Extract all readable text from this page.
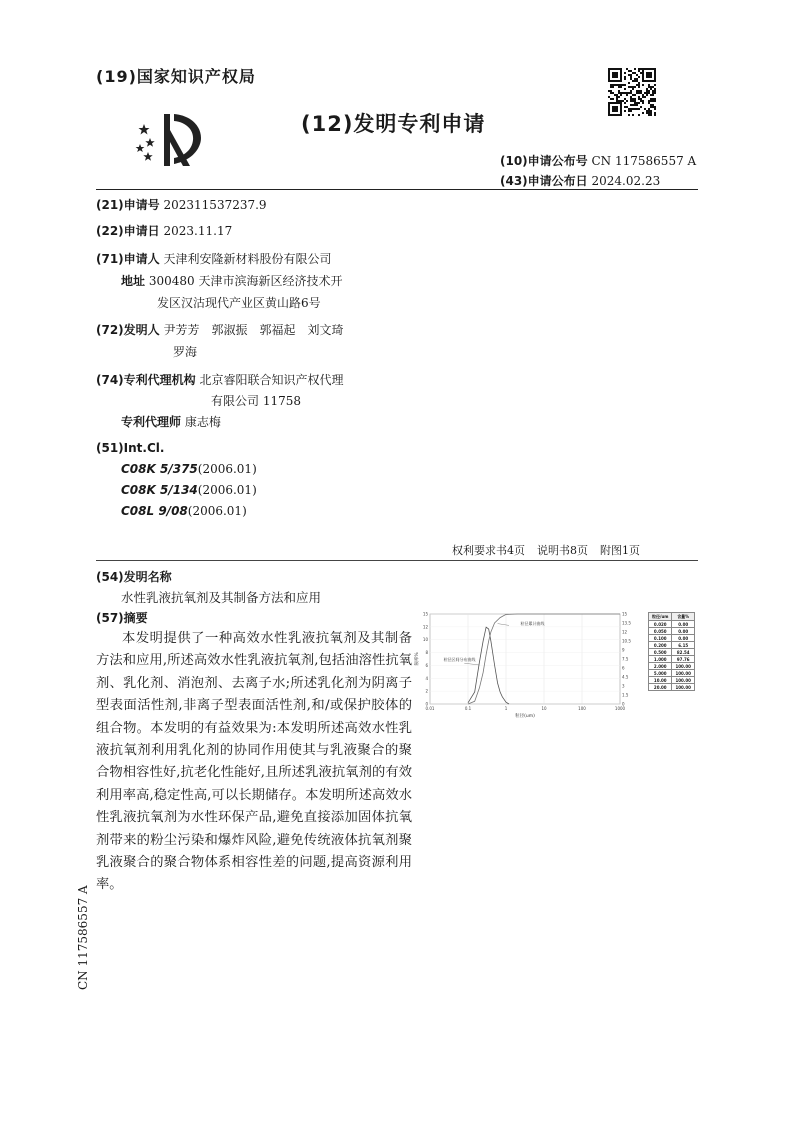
(19)国家知识产权局
(12)发明专利申请
(10)申请公布号 CN 117586557 A
(43)申请公布日 2024.02.23
(21)申请号 202311537237.9
(22)申请日 2023.11.17
(71)申请人 天津利安隆新材料股份有限公司
地址 300480 天津市滨海新区经济技术开
发区汉沽现代产业区黄山路6号
(72)发明人 尹芳芳　郭淑振　郭福起　刘文琦
罗海
(74)专利代理机构 北京睿阳联合知识产权代理
有限公司 11758
专利代理师 康志梅
(51)Int.Cl.
C08K 5/375(2006.01)
C08K 5/134(2006.01)
C08L 9/08(2006.01)
权利要求书4页 说明书8页 附图1页
(54)发明名称
水性乳液抗氧剂及其制备方法和应用
(57)摘要
本发明提供了一种高效水性乳液抗氧剂及其制备方法和应用,所述高效水性乳液抗氧剂,包括油溶性抗氧剂、乳化剂、消泡剂、去离子水;所述乳化剂为阴离子型表面活性剂,非离子型表面活性剂,和/或保护胶体的组合物。本发明的有益效果为:本发明所述高效水性乳液抗氧剂利用乳化剂的协同作用使其与乳液聚合的聚合物相容性好,抗老化性能好,且所述乳液抗氧剂的有效利用率高,稳定性高,可以长期储存。本发明所述高效水性乳液抗氧剂为水性环保产品,避免直接添加固体抗氧剂带来的粉尘污染和爆炸风险,避免传统液体抗氧剂聚乳液聚合的聚合物体系相容性差的问题,提高资源利用率。
CN 117586557 A
0.01	0.1	1	10	100	1000
15
12
10
8
6
4
2
0
15
13.5
12
10.5
9
7.5
6
4.5
3
1.5
0
粒径(um)
频率%	粒径区间分布曲线
粒径累计曲线
粒径/um	含量%
0.020	0.00
0.050	0.00
0.100	0.00
0.200	6.15
0.500	82.54
1.000	97.76
2.000	100.00
5.000	100.00
10.00	100.00
20.00	100.00
